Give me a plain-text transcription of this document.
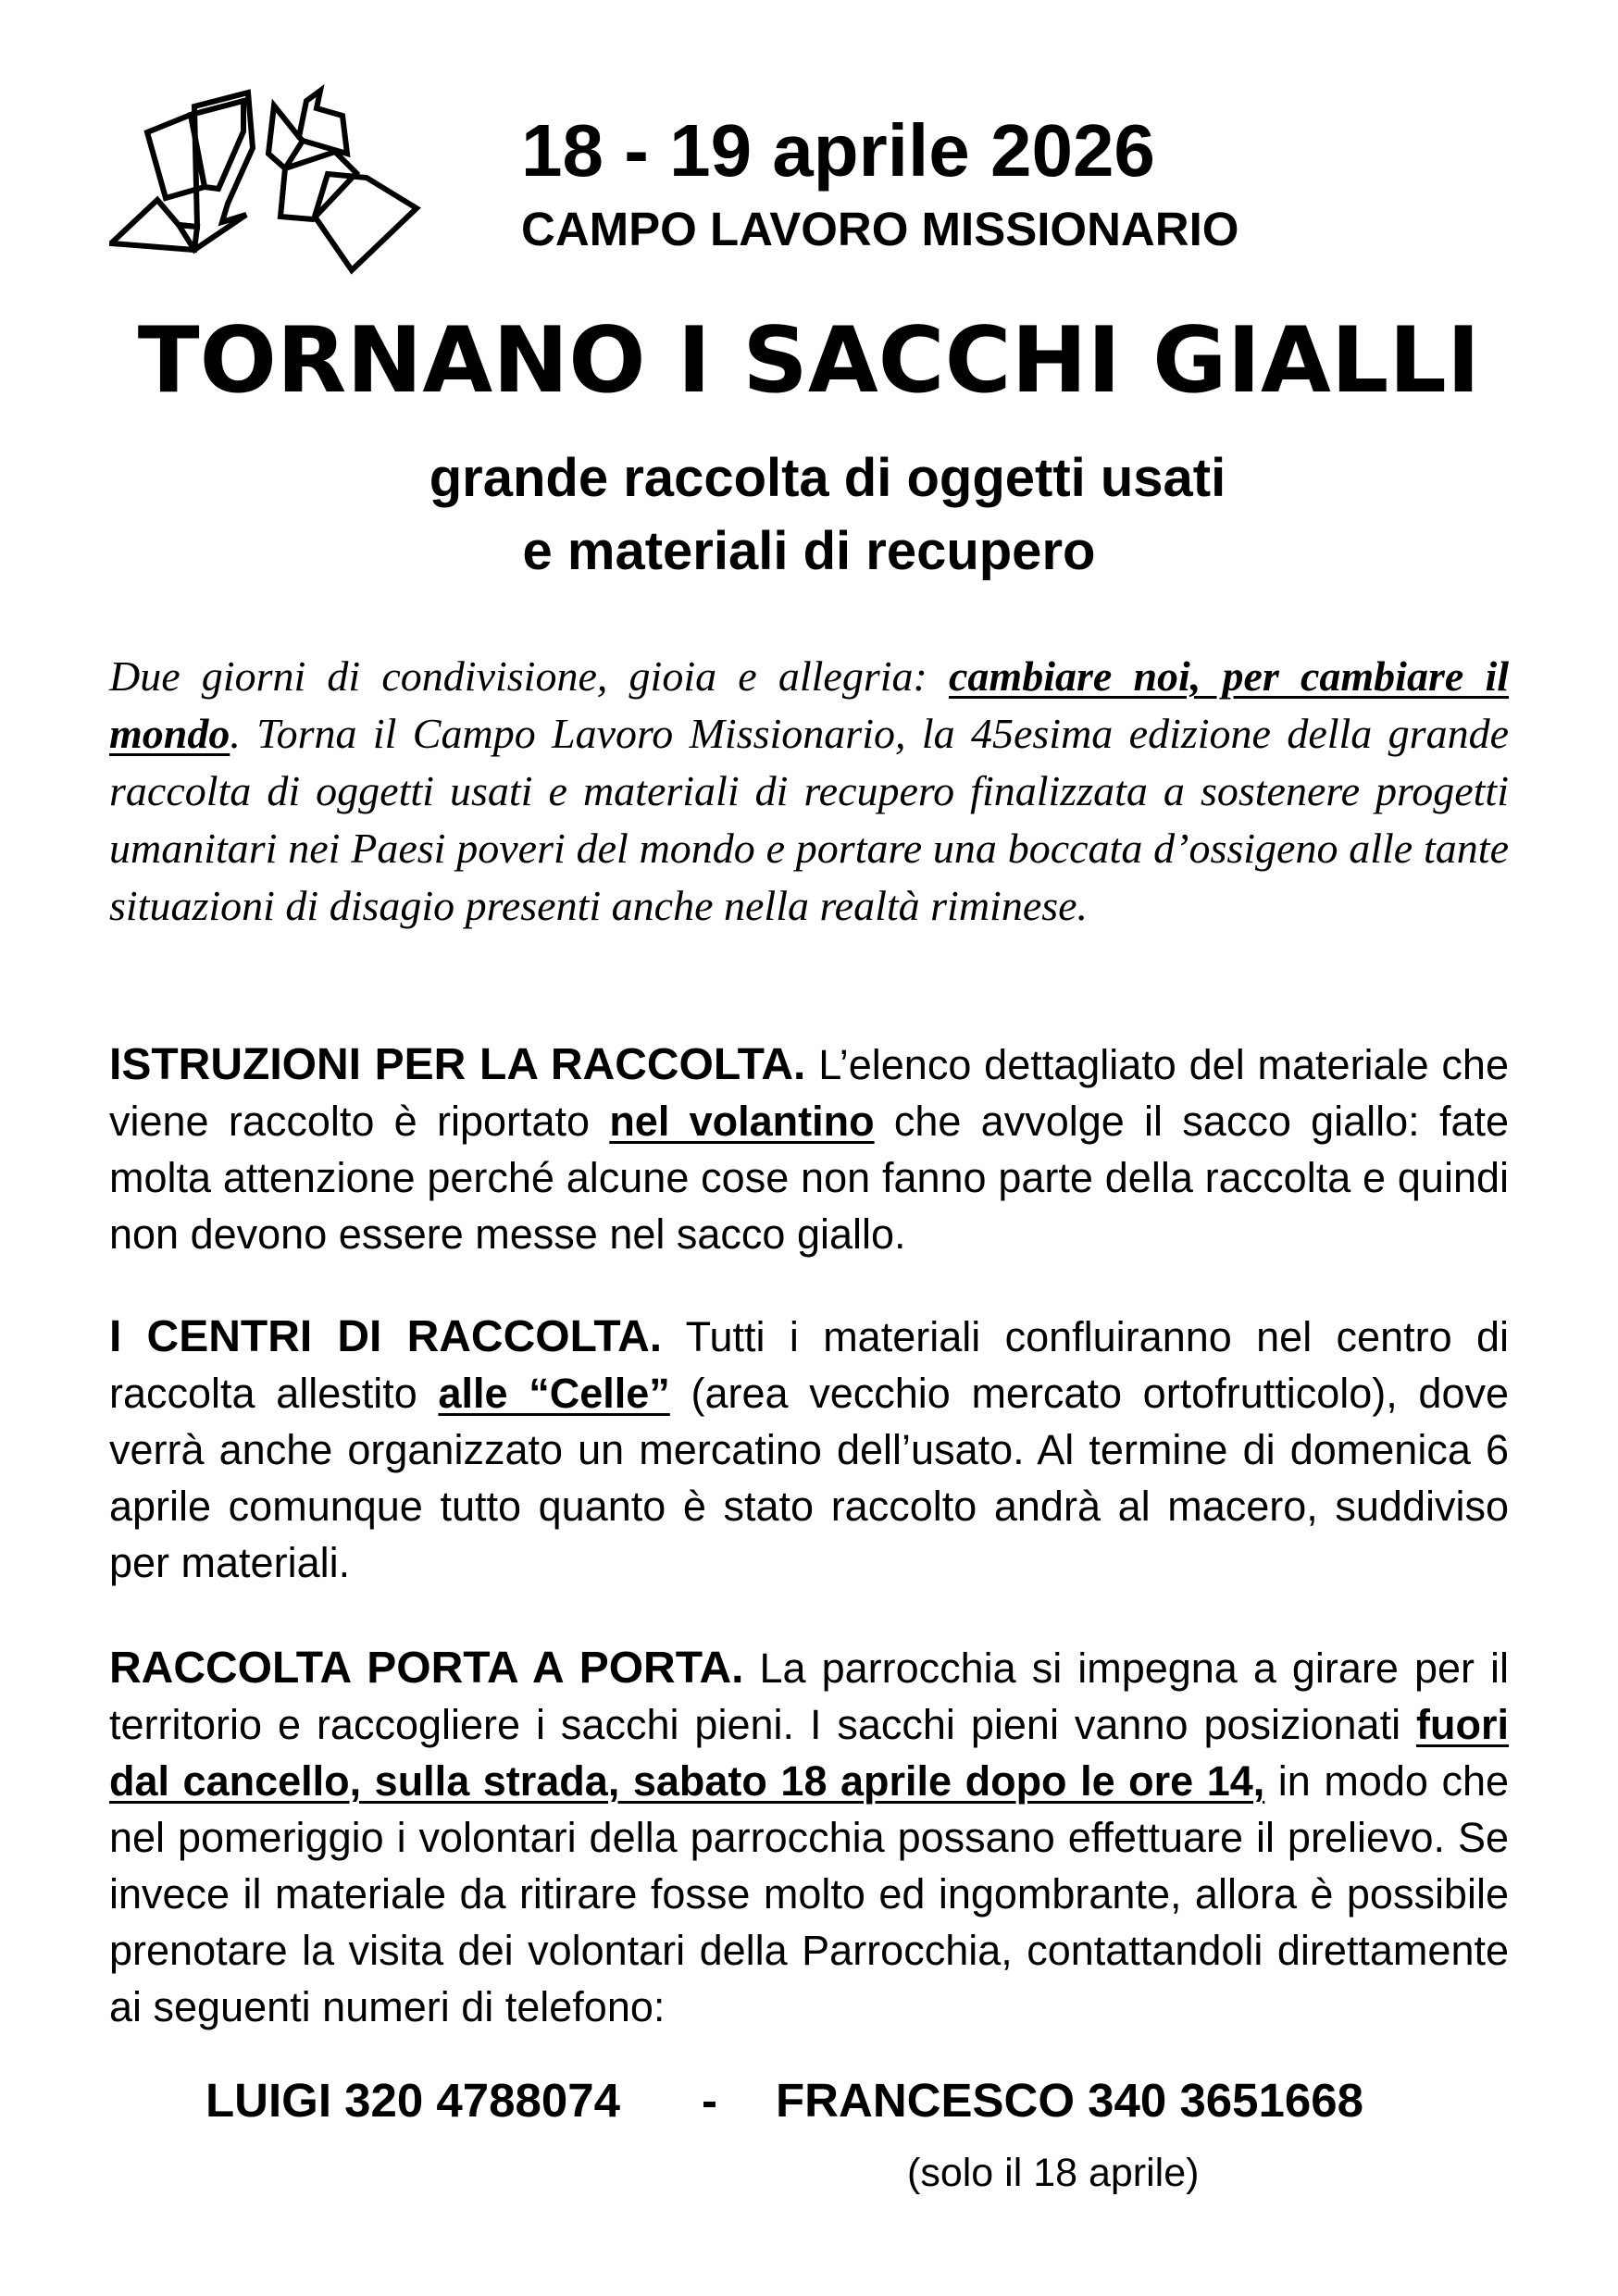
18 - 19 aprile 2026
CAMPO LAVORO MISSIONARIO
TORNANO I SACCHI GIALLI
grande raccolta di oggetti usati
e materiali di recupero

Due giorni di condivisione, gioia e allegria: cambiare noi, per cambiare il mondo. Torna il Campo Lavoro Missionario, la 45esima edizione della grande raccolta di oggetti usati e materiali di recupero finalizzata a sostenere progetti umanitari nei Paesi poveri del mondo e portare una boccata d’ossigeno alle tante situazioni di disagio presenti anche nella realtà riminese.

ISTRUZIONI PER LA RACCOLTA. L’elenco dettagliato del materiale che viene raccolto è riportato nel volantino che avvolge il sacco giallo: fate molta attenzione perché alcune cose non fanno parte della raccolta e quindi non devono essere messe nel sacco giallo.

I CENTRI DI RACCOLTA. Tutti i materiali confluiranno nel centro di raccolta allestito alle “Celle” (area vecchio mercato ortofrutticolo), dove verrà anche organizzato un mercatino dell’usato. Al termine di domenica 6 aprile comunque tutto quanto è stato raccolto andrà al macero, suddiviso per materiali.

RACCOLTA PORTA A PORTA. La parrocchia si impegna a girare per il territorio e raccogliere i sacchi pieni. I sacchi pieni vanno posizionati fuori dal cancello, sulla strada, sabato 18 aprile dopo le ore 14, in modo che nel pomeriggio i volontari della parrocchia possano effettuare il prelievo. Se invece il materiale da ritirare fosse molto ed ingombrante, allora è possibile prenotare la visita dei volontari della Parrocchia, contattandoli direttamente ai seguenti numeri di telefono:

LUIGI 320 4788074 - FRANCESCO 340 3651668
(solo il 18 aprile)
